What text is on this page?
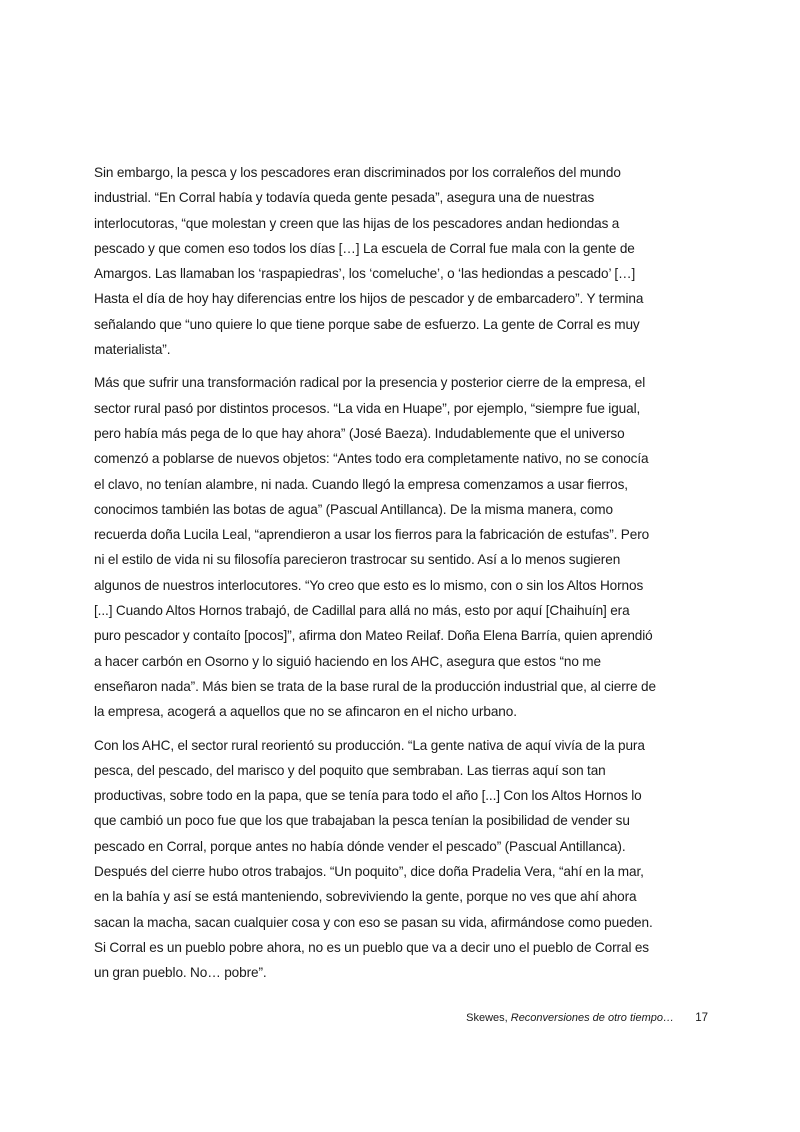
Sin embargo, la pesca y los pescadores eran discriminados por los corraleños del mundo
industrial. “En Corral había y todavía queda gente pesada”, asegura una de nuestras
interlocutoras, “que molestan y creen que las hijas de los pescadores andan hediondas a
pescado y que comen eso todos los días […] La escuela de Corral fue mala con la gente de
Amargos. Las llamaban los ‘raspapiedras’, los ‘comeluche’, o ‘las hediondas a pescado’ […]
Hasta el día de hoy hay diferencias entre los hijos de pescador y de embarcadero”. Y termina
señalando que “uno quiere lo que tiene porque sabe de esfuerzo. La gente de Corral es muy
materialista”.

Más que sufrir una transformación radical por la presencia y posterior cierre de la empresa, el
sector rural pasó por distintos procesos. “La vida en Huape”, por ejemplo, “siempre fue igual,
pero había más pega de lo que hay ahora” (José Baeza). Indudablemente que el universo
comenzó a poblarse de nuevos objetos: “Antes todo era completamente nativo, no se conocía
el clavo, no tenían alambre, ni nada. Cuando llegó la empresa comenzamos a usar fierros,
conocimos también las botas de agua” (Pascual Antillanca). De la misma manera, como
recuerda doña Lucila Leal, “aprendieron a usar los fierros para la fabricación de estufas”. Pero
ni el estilo de vida ni su filosofía parecieron trastrocar su sentido. Así a lo menos sugieren
algunos de nuestros interlocutores. “Yo creo que esto es lo mismo, con o sin los Altos Hornos
[...] Cuando Altos Hornos trabajó, de Cadillal para allá no más, esto por aquí [Chaihuín] era
puro pescador y contaíto [pocos]”, afirma don Mateo Reilaf. Doña Elena Barría, quien aprendió
a hacer carbón en Osorno y lo siguió haciendo en los AHC, asegura que estos “no me
enseñaron nada”. Más bien se trata de la base rural de la producción industrial que, al cierre de
la empresa, acogerá a aquellos que no se afincaron en el nicho urbano.

Con los AHC, el sector rural reorientó su producción. “La gente nativa de aquí vivía de la pura
pesca, del pescado, del marisco y del poquito que sembraban. Las tierras aquí son tan
productivas, sobre todo en la papa, que se tenía para todo el año [...] Con los Altos Hornos lo
que cambió un poco fue que los que trabajaban la pesca tenían la posibilidad de vender su
pescado en Corral, porque antes no había dónde vender el pescado” (Pascual Antillanca).
Después del cierre hubo otros trabajos. “Un poquito”, dice doña Pradelia Vera, “ahí en la mar,
en la bahía y así se está manteniendo, sobreviviendo la gente, porque no ves que ahí ahora
sacan la macha, sacan cualquier cosa y con eso se pasan su vida, afirmándose como pueden.
Si Corral es un pueblo pobre ahora, no es un pueblo que va a decir uno el pueblo de Corral es
un gran pueblo. No… pobre”.

Skewes, Reconversiones de otro tiempo… 17
